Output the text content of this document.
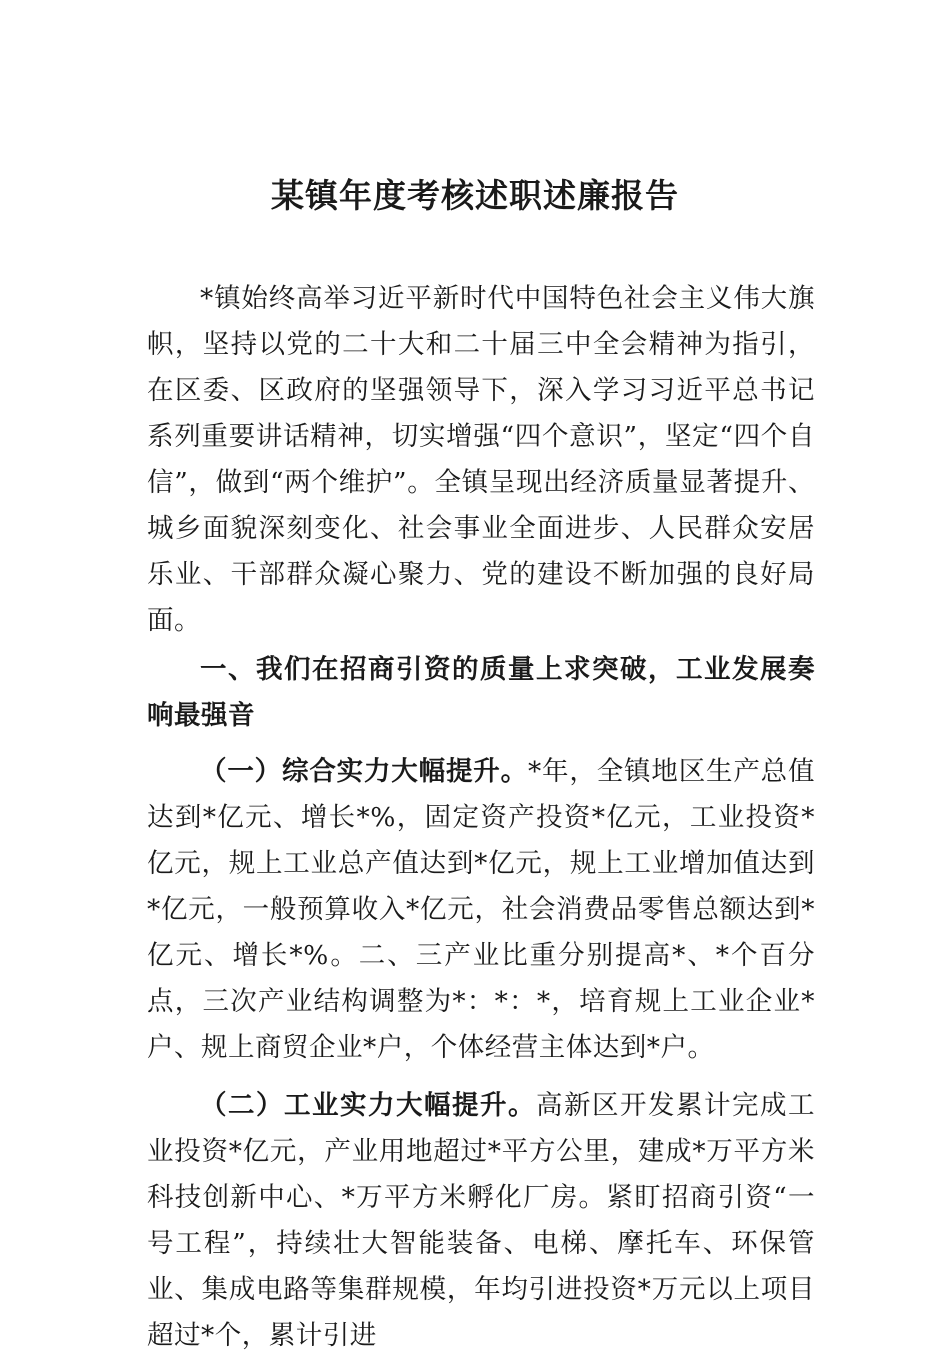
某镇年度考核述职述廉报告

*镇始终高举习近平新时代中国特色社会主义伟大旗帜，坚持以党的二十大和二十届三中全会精神为指引，在区委、区政府的坚强领导下，深入学习习近平总书记系列重要讲话精神，切实增强“四个意识”，坚定“四个自信”，做到“两个维护”。全镇呈现出经济质量显著提升、城乡面貌深刻变化、社会事业全面进步、人民群众安居乐业、干部群众凝心聚力、党的建设不断加强的良好局面。

一、我们在招商引资的质量上求突破，工业发展奏响最强音

（一）综合实力大幅提升。*年，全镇地区生产总值达到*亿元、增长*%，固定资产投资*亿元，工业投资*亿元，规上工业总产值达到*亿元，规上工业增加值达到*亿元，一般预算收入*亿元，社会消费品零售总额达到*亿元、增长*%。二、三产业比重分别提高*、*个百分点，三次产业结构调整为*：*：*，培育规上工业企业*户、规上商贸企业*户，个体经营主体达到*户。

（二）工业实力大幅提升。高新区开发累计完成工业投资*亿元，产业用地超过*平方公里，建成*万平方米科技创新中心、*万平方米孵化厂房。紧盯招商引资“一号工程”，持续壮大智能装备、电梯、摩托车、环保管业、集成电路等集群规模，年均引进投资*万元以上项目超过*个，累计引进
